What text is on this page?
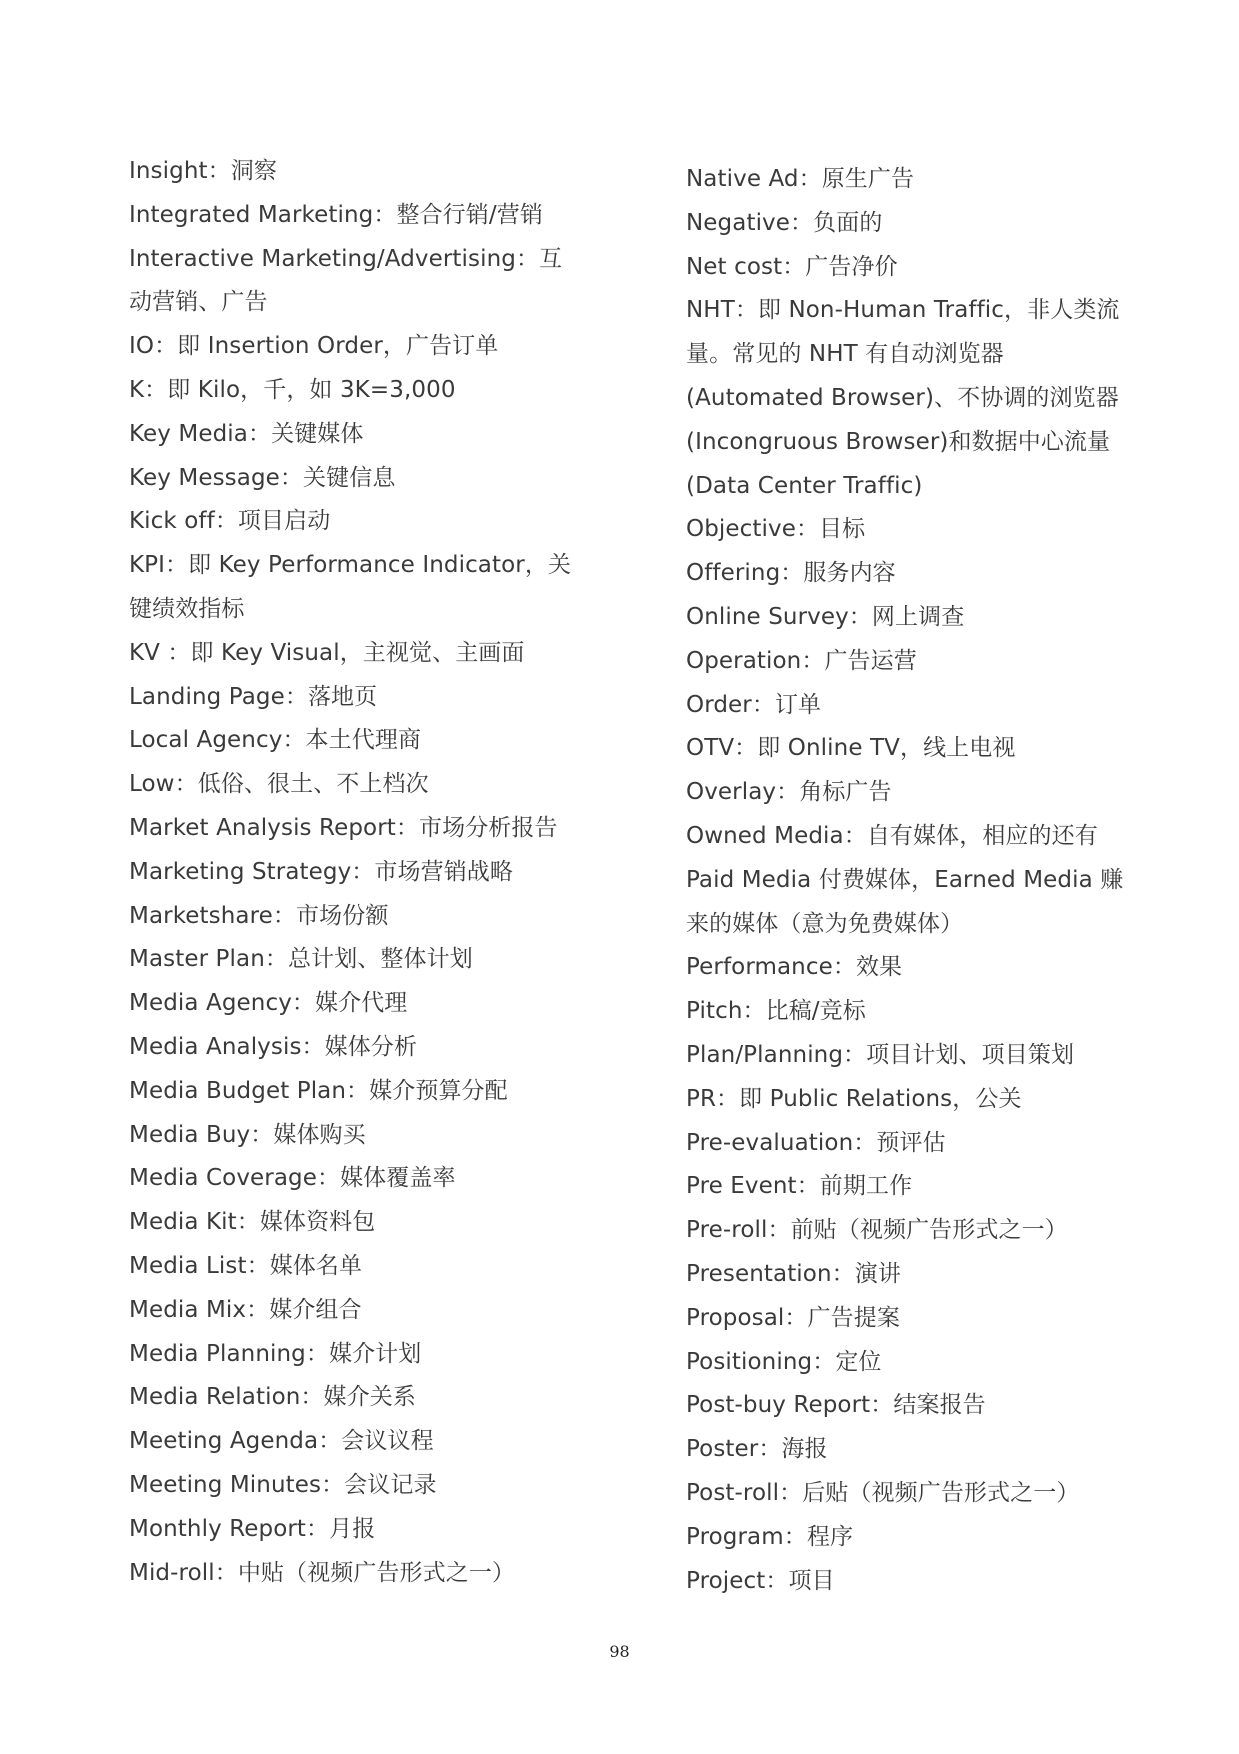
Insight：洞察
Integrated Marketing：整合行销/营销
Interactive Marketing/Advertising：互
动营销、广告
IO：即 Insertion Order，广告订单
K：即 Kilo，千，如 3K=3,000
Key Media：关键媒体
Key Message：关键信息
Kick off：项目启动
KPI：即 Key Performance Indicator，关
键绩效指标
KV ：即 Key Visual，主视觉、主画面
Landing Page：落地页
Local Agency：本土代理商
Low：低俗、很土、不上档次
Market Analysis Report：市场分析报告
Marketing Strategy：市场营销战略
Marketshare：市场份额
Master Plan：总计划、整体计划
Media Agency：媒介代理
Media Analysis：媒体分析
Media Budget Plan：媒介预算分配
Media Buy：媒体购买
Media Coverage：媒体覆盖率
Media Kit：媒体资料包
Media List：媒体名单
Media Mix：媒介组合
Media Planning：媒介计划
Media Relation：媒介关系
Meeting Agenda：会议议程
Meeting Minutes：会议记录
Monthly Report：月报
Mid-roll：中贴（视频广告形式之一）
Native Ad：原生广告
Negative：负面的
Net cost：广告净价
NHT：即 Non-Human Traffic，非人类流
量。常见的 NHT 有自动浏览器
(Automated Browser)、不协调的浏览器
(Incongruous Browser)和数据中心流量
(Data Center Traffic)
Objective：目标
Offering：服务内容
Online Survey：网上调查
Operation：广告运营
Order：订单
OTV：即 Online TV，线上电视
Overlay：角标广告
Owned Media：自有媒体，相应的还有
Paid Media 付费媒体，Earned Media 赚
来的媒体（意为免费媒体）
Performance：效果
Pitch：比稿/竞标
Plan/Planning：项目计划、项目策划
PR：即 Public Relations，公关
Pre-evaluation：预评估
Pre Event：前期工作
Pre-roll：前贴（视频广告形式之一）
Presentation：演讲
Proposal：广告提案
Positioning：定位
Post-buy Report：结案报告
Poster：海报
Post-roll：后贴（视频广告形式之一）
Program：程序
Project：项目
98
